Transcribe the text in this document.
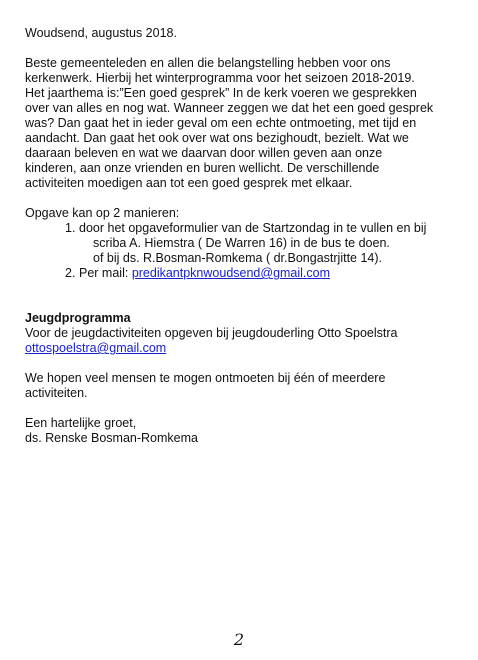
Woudsend, augustus 2018.

Beste gemeenteleden en allen die belangstelling hebben voor ons

kerkenwerk. Hierbij het winterprogramma voor het seizoen 2018-2019.

Het jaarthema is:”Een goed gesprek” In de kerk voeren we gesprekken

over van alles en nog wat. Wanneer zeggen we dat het een goed gesprek

was? Dan gaat het in ieder geval om een echte ontmoeting, met tijd en

aandacht. Dan gaat het ook over wat ons bezighoudt, bezielt. Wat we

daaraan beleven en wat we daarvan door willen geven aan onze

kinderen, aan onze vrienden en buren wellicht. De verschillende

activiteiten moedigen aan tot een goed gesprek met elkaar.

Opgave kan op 2 manieren:

1. door het opgaveformulier van de Startzondag in te vullen en bij

scriba A. Hiemstra ( De Warren 16) in de bus te doen.

of bij ds. R.Bosman-Romkema ( dr.Bongastrjitte 14).

2. Per mail: predikantpknwoudsend@gmail.com

Jeugdprogramma

Voor de jeugdactiviteiten opgeven bij jeugdouderling Otto Spoelstra

ottospoelstra@gmail.com

We hopen veel mensen te mogen ontmoeten bij één of meerdere

activiteiten.

Een hartelijke groet,

ds. Renske Bosman-Romkema

2
